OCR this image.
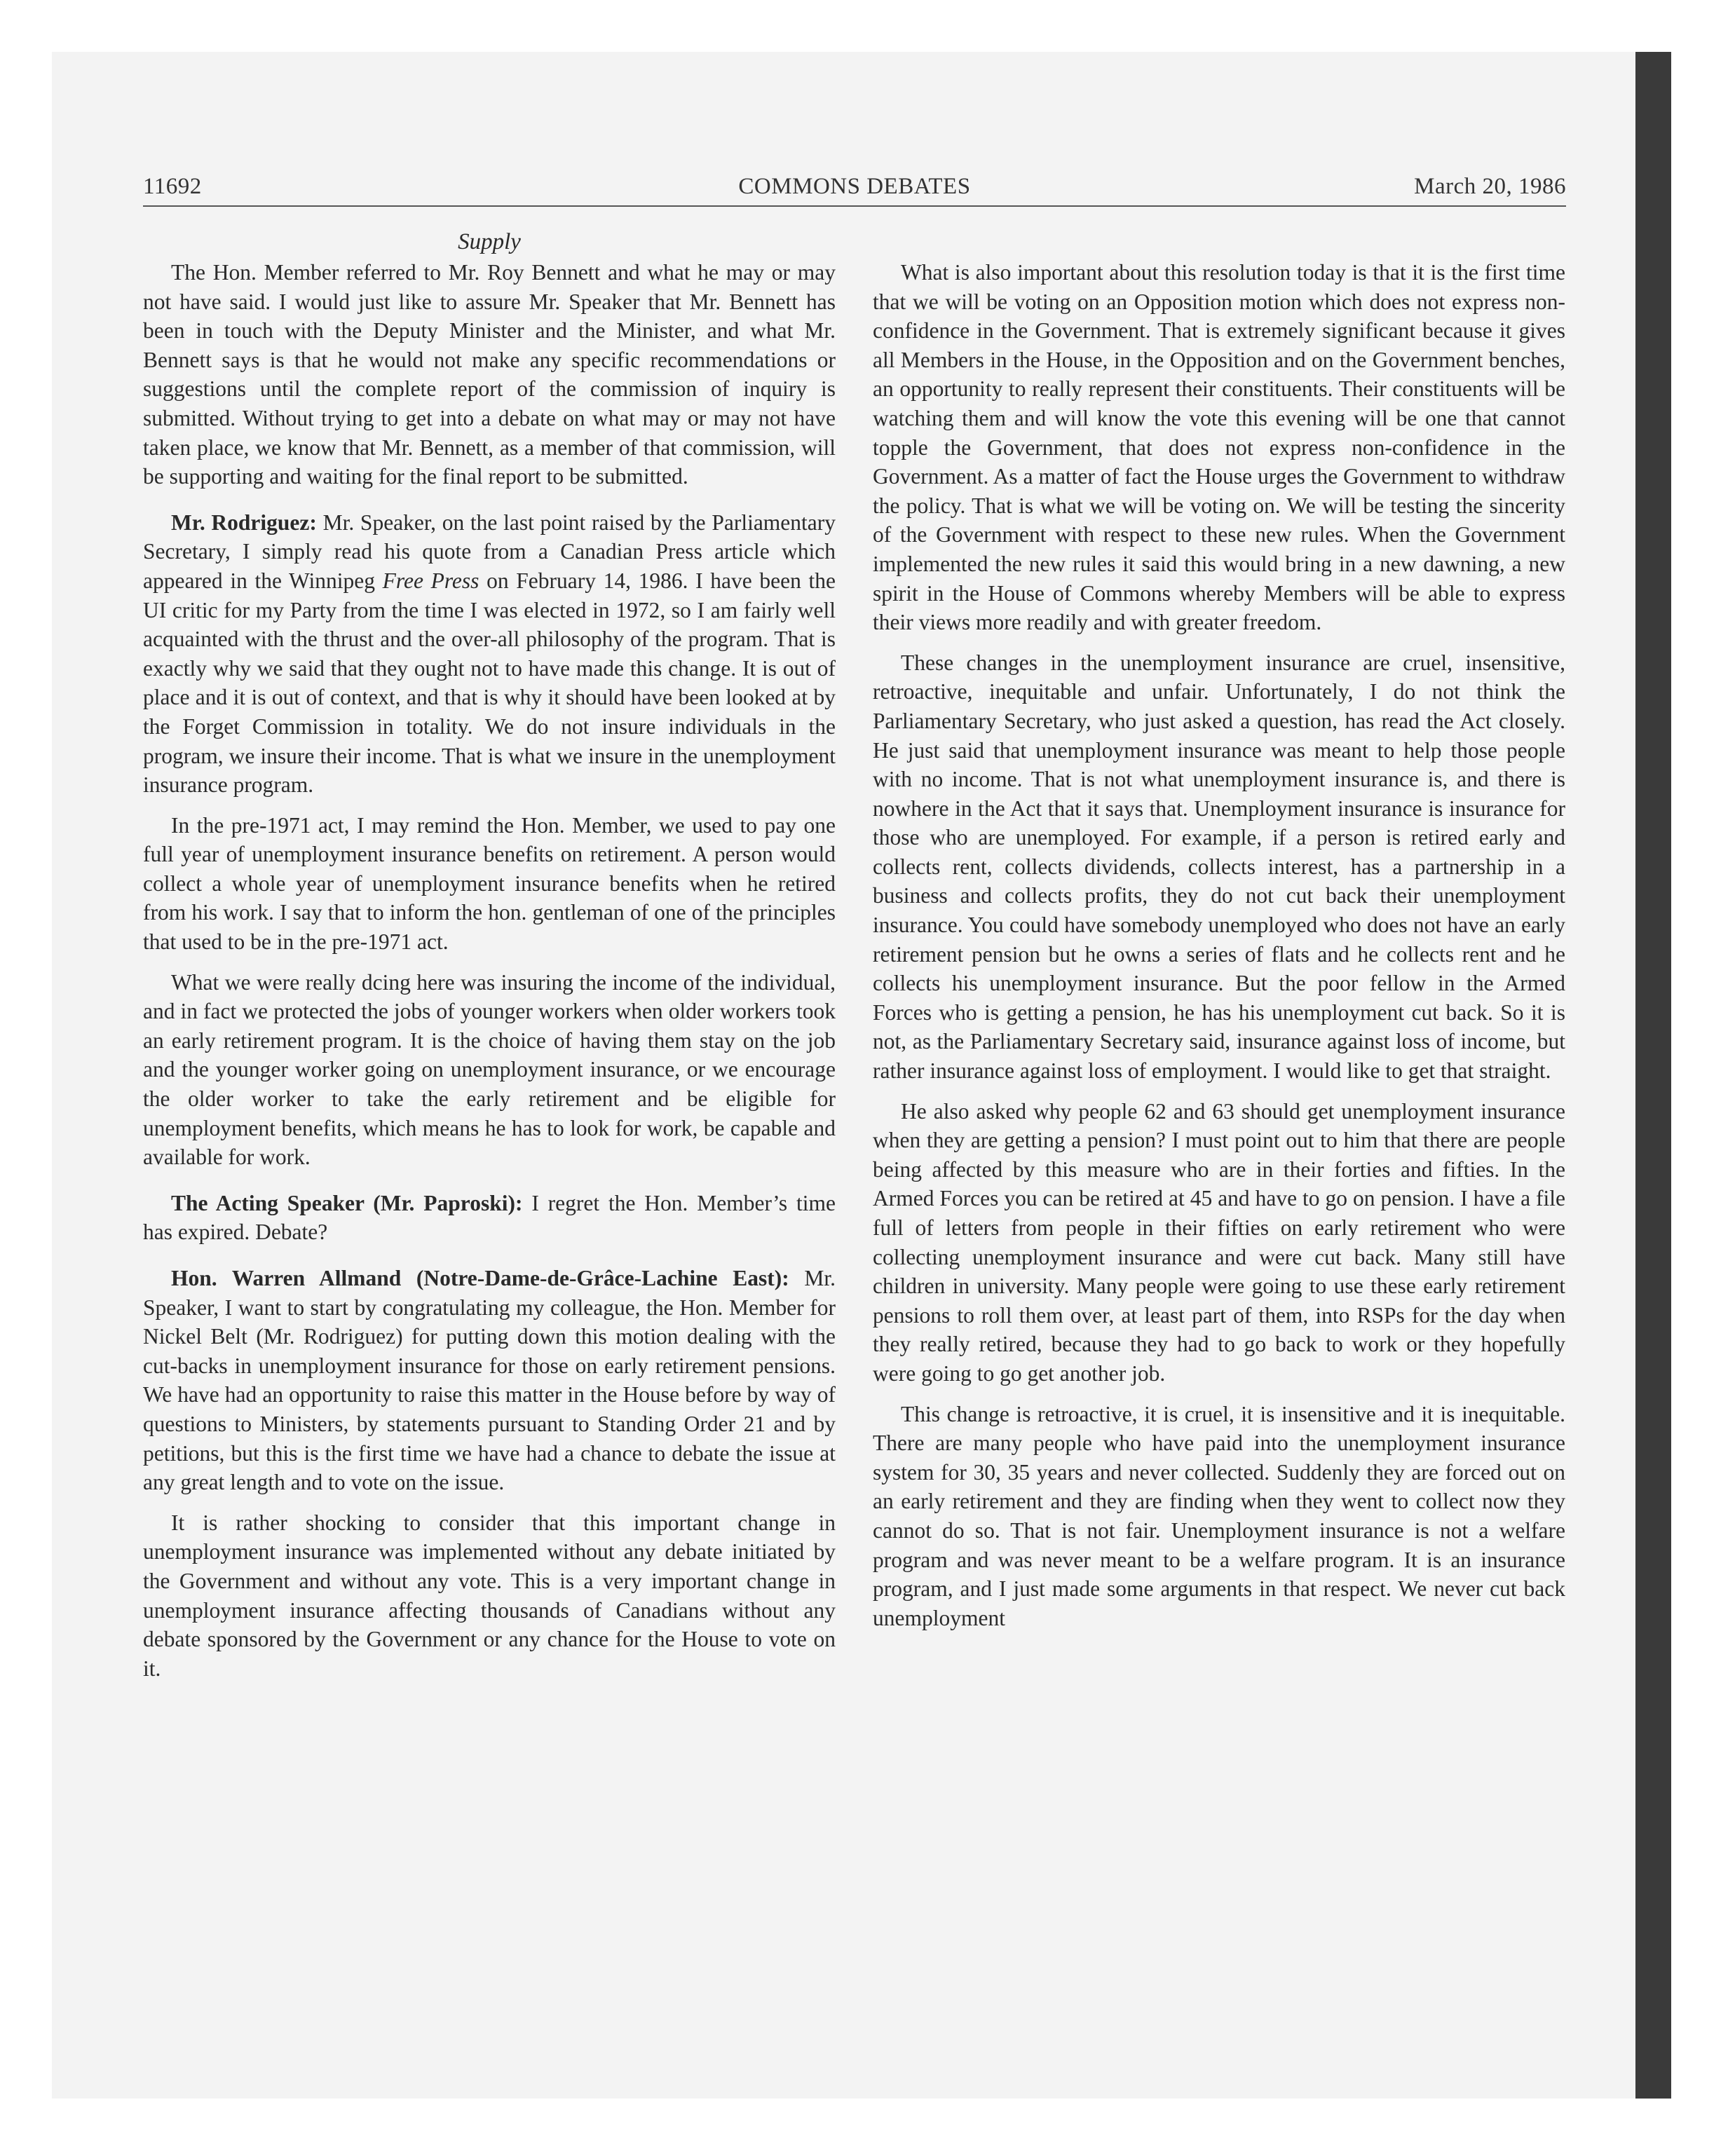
11692	COMMONS DEBATES	March 20, 1986
Supply

The Hon. Member referred to Mr. Roy Bennett and what he may or may not have said. I would just like to assure Mr. Speaker that Mr. Bennett has been in touch with the Deputy Minister and the Minister, and what Mr. Bennett says is that he would not make any specific recommendations or suggestions until the complete report of the commission of inquiry is submitted. Without trying to get into a debate on what may or may not have taken place, we know that Mr. Bennett, as a member of that commission, will be supporting and waiting for the final report to be submitted.

Mr. Rodriguez: Mr. Speaker, on the last point raised by the Parliamentary Secretary, I simply read his quote from a Canadian Press article which appeared in the Winnipeg Free Press on February 14, 1986. I have been the UI critic for my Party from the time I was elected in 1972, so I am fairly well acquainted with the thrust and the over-all philosophy of the program. That is exactly why we said that they ought not to have made this change. It is out of place and it is out of context, and that is why it should have been looked at by the Forget Commission in totality. We do not insure individuals in the program, we insure their income. That is what we insure in the unemployment insurance program.

In the pre-1971 act, I may remind the Hon. Member, we used to pay one full year of unemployment insurance benefits on retirement. A person would collect a whole year of unemployment insurance benefits when he retired from his work. I say that to inform the hon. gentleman of one of the principles that used to be in the pre-1971 act.

What we were really dcing here was insuring the income of the individual, and in fact we protected the jobs of younger workers when older workers took an early retirement program. It is the choice of having them stay on the job and the younger worker going on unemployment insurance, or we encourage the older worker to take the early retirement and be eligible for unemployment benefits, which means he has to look for work, be capable and available for work.

The Acting Speaker (Mr. Paproski): I regret the Hon. Member’s time has expired. Debate?

Hon. Warren Allmand (Notre-Dame-de-Grâce-Lachine East): Mr. Speaker, I want to start by congratulating my colleague, the Hon. Member for Nickel Belt (Mr. Rodriguez) for putting down this motion dealing with the cut-backs in unemployment insurance for those on early retirement pensions. We have had an opportunity to raise this matter in the House before by way of questions to Ministers, by statements pursuant to Standing Order 21 and by petitions, but this is the first time we have had a chance to debate the issue at any great length and to vote on the issue.

It is rather shocking to consider that this important change in unemployment insurance was implemented without any debate initiated by the Government and without any vote. This is a very important change in unemployment insurance affecting thousands of Canadians without any debate sponsored by the Government or any chance for the House to vote on it.

What is also important about this resolution today is that it is the first time that we will be voting on an Opposition motion which does not express non-confidence in the Government. That is extremely significant because it gives all Members in the House, in the Opposition and on the Government benches, an opportunity to really represent their constituents. Their constituents will be watching them and will know the vote this evening will be one that cannot topple the Government, that does not express non-confidence in the Government. As a matter of fact the House urges the Government to withdraw the policy. That is what we will be voting on. We will be testing the sincerity of the Government with respect to these new rules. When the Government implemented the new rules it said this would bring in a new dawning, a new spirit in the House of Commons whereby Members will be able to express their views more readily and with greater freedom.

These changes in the unemployment insurance are cruel, insensitive, retroactive, inequitable and unfair. Unfortunately, I do not think the Parliamentary Secretary, who just asked a question, has read the Act closely. He just said that unemployment insurance was meant to help those people with no income. That is not what unemployment insurance is, and there is nowhere in the Act that it says that. Unemployment insurance is insurance for those who are unemployed. For example, if a person is retired early and collects rent, collects dividends, collects interest, has a partnership in a business and collects profits, they do not cut back their unemployment insurance. You could have somebody unemployed who does not have an early retirement pension but he owns a series of flats and he collects rent and he collects his unemployment insurance. But the poor fellow in the Armed Forces who is getting a pension, he has his unemployment cut back. So it is not, as the Parliamentary Secretary said, insurance against loss of income, but rather insurance against loss of employment. I would like to get that straight.

He also asked why people 62 and 63 should get unemployment insurance when they are getting a pension? I must point out to him that there are people being affected by this measure who are in their forties and fifties. In the Armed Forces you can be retired at 45 and have to go on pension. I have a file full of letters from people in their fifties on early retirement who were collecting unemployment insurance and were cut back. Many still have children in university. Many people were going to use these early retirement pensions to roll them over, at least part of them, into RSPs for the day when they really retired, because they had to go back to work or they hopefully were going to go get another job.

This change is retroactive, it is cruel, it is insensitive and it is inequitable. There are many people who have paid into the unemployment insurance system for 30, 35 years and never collected. Suddenly they are forced out on an early retirement and they are finding when they went to collect now they cannot do so. That is not fair. Unemployment insurance is not a welfare program and was never meant to be a welfare program. It is an insurance program, and I just made some arguments in that respect. We never cut back unemployment
